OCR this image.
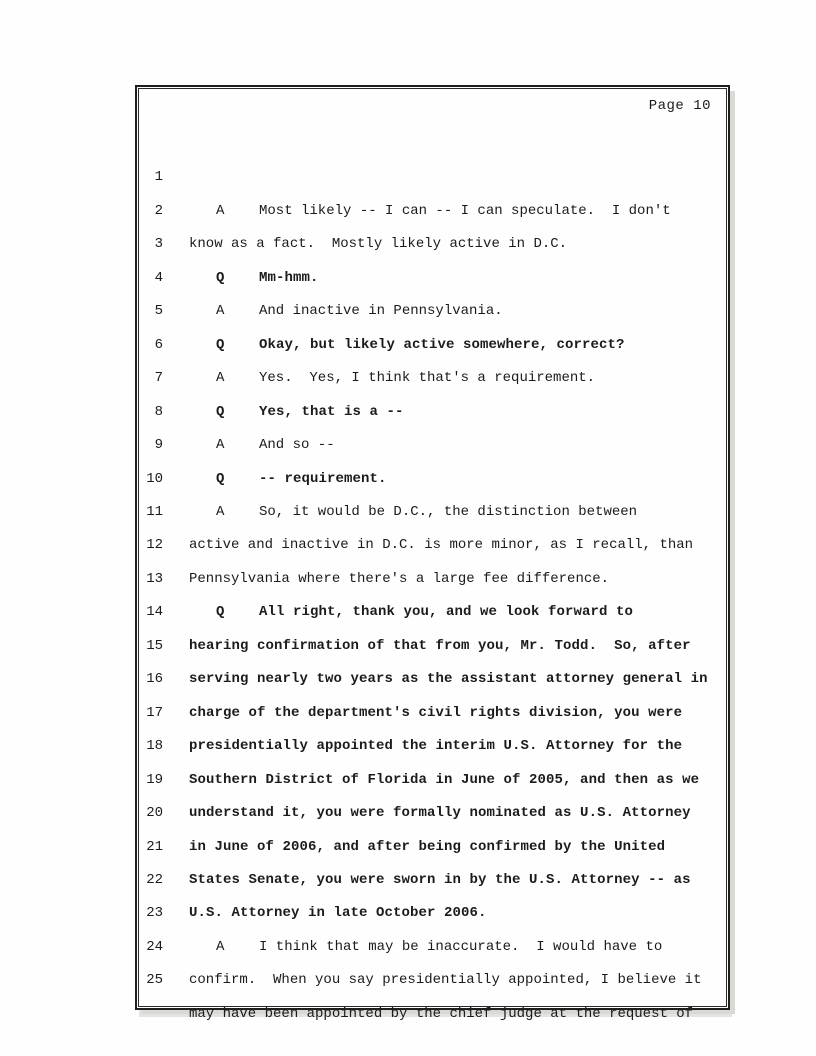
Page 10

1

A Most likely -- I can -- I can speculate.  I don't

2

know as a fact.  Mostly likely active in D.C.

3

Q Mm-hmm.

4

A And inactive in Pennsylvania.

5

Q Okay, but likely active somewhere, correct?

6

A Yes.  Yes, I think that's a requirement.

7

Q Yes, that is a --

8

A And so --

9

Q -- requirement.

10

A So, it would be D.C., the distinction between

11

active and inactive in D.C. is more minor, as I recall, than

12

Pennsylvania where there's a large fee difference.

13

Q All right, thank you, and we look forward to

14

hearing confirmation of that from you, Mr. Todd.  So, after

15

serving nearly two years as the assistant attorney general in

16

charge of the department's civil rights division, you were

17

presidentially appointed the interim U.S. Attorney for the

18

Southern District of Florida in June of 2005, and then as we

19

understand it, you were formally nominated as U.S. Attorney

20

in June of 2006, and after being confirmed by the United

21

States Senate, you were sworn in by the U.S. Attorney -- as

22

U.S. Attorney in late October 2006.

23

A I think that may be inaccurate.  I would have to

24

confirm.  When you say presidentially appointed, I believe it

25

may have been appointed by the chief judge at the request of
